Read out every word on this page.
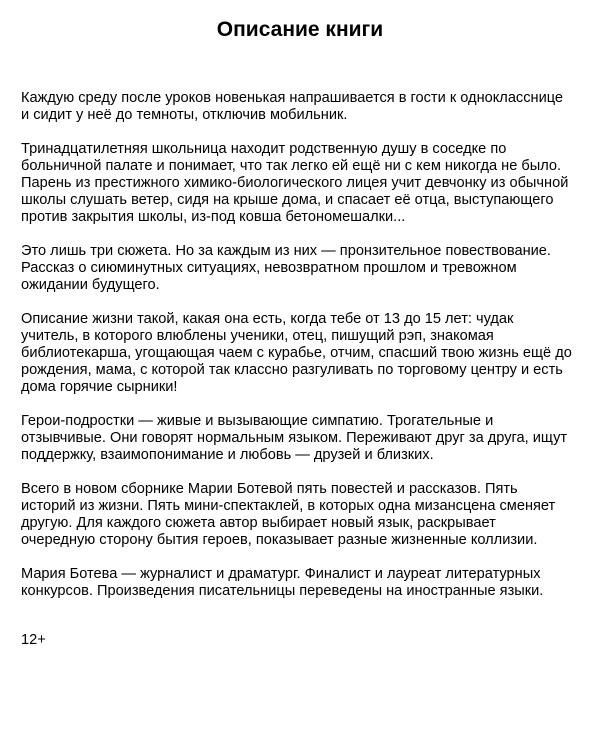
Описание книги

Каждую среду после уроков новенькая напрашивается в гости к однокласснице
и сидит у неё до темноты, отключив мобильник.

Тринадцатилетняя школьница находит родственную душу в соседке по
больничной палате и понимает, что так легко ей ещё ни с кем никогда не было.
Парень из престижного химико-биологического лицея учит девчонку из обычной
школы слушать ветер, сидя на крыше дома, и спасает её отца, выступающего
против закрытия школы, из-под ковша бетономешалки...

Это лишь три сюжета. Но за каждым из них — пронзительное повествование.
Рассказ о сиюминутных ситуациях, невозвратном прошлом и тревожном
ожидании будущего.

Описание жизни такой, какая она есть, когда тебе от 13 до 15 лет: чудак
учитель, в которого влюблены ученики, отец, пишущий рэп, знакомая
библиотекарша, угощающая чаем с курабье, отчим, спасший твою жизнь ещё до
рождения, мама, с которой так классно разгуливать по торговому центру и есть
дома горячие сырники!

Герои-подростки — живые и вызывающие симпатию. Трогательные и
отзывчивые. Они говорят нормальным языком. Переживают друг за друга, ищут
поддержку, взаимопонимание и любовь — друзей и близких.

Всего в новом сборнике Марии Ботевой пять повестей и рассказов. Пять
историй из жизни. Пять мини-спектаклей, в которых одна мизансцена сменяет
другую. Для каждого сюжета автор выбирает новый язык, раскрывает
очередную сторону бытия героев, показывает разные жизненные коллизии.

Мария Ботева — журналист и драматург. Финалист и лауреат литературных
конкурсов. Произведения писательницы переведены на иностранные языки.

12+
